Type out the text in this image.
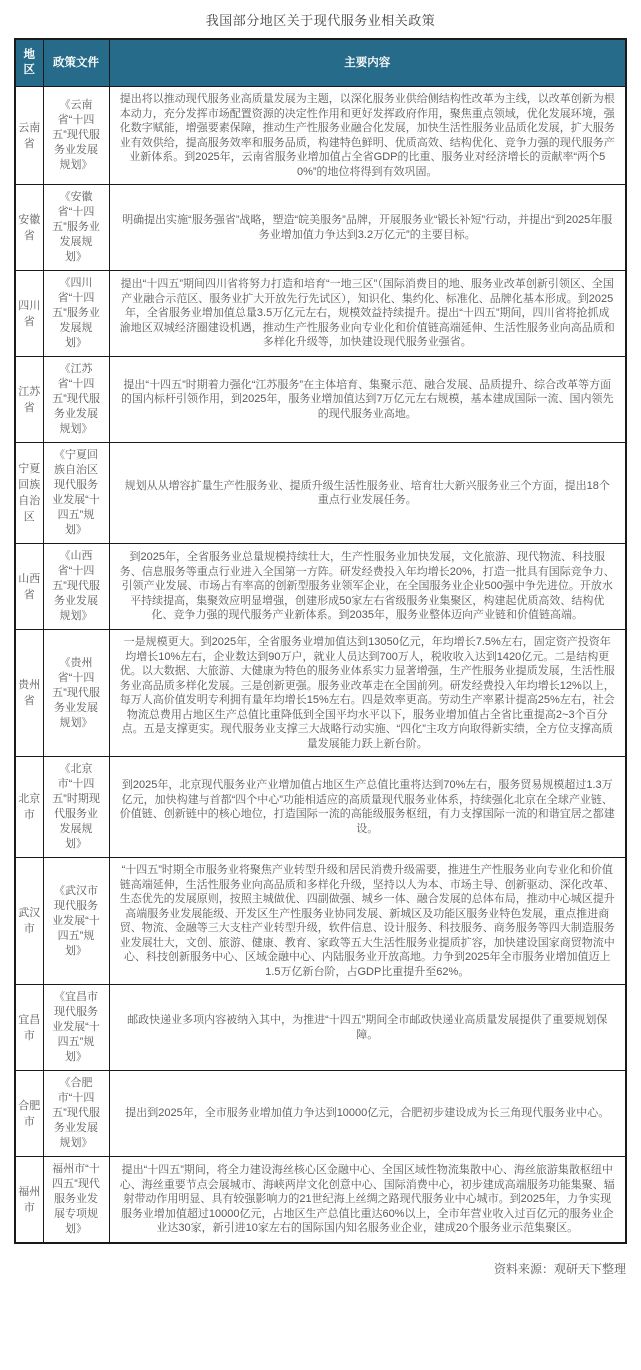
我国部分地区关于现代服务业相关政策
地区	政策文件	主要内容
云南省	《云南省“十四五”现代服务业发展规划》	提出将以推动现代服务业高质量发展为主题，以深化服务业供给侧结构性改革为主线，以改革创新为根本动力，充分发挥市场配置资源的决定性作用和更好发挥政府作用，聚焦重点领域，优化发展环境，强化数字赋能，增强要素保障，推动生产性服务业融合化发展，加快生活性服务业品质化发展，扩大服务业有效供给，提高服务效率和服务品质，构建特色鲜明、优质高效、结构优化、竞争力强的现代服务产业新体系。到2025年，云南省服务业增加值占全省GDP的比重、服务业对经济增长的贡献率“两个50%”的地位将得到有效巩固。
安徽省	《安徽省“十四五”服务业发展规划》	明确提出实施“服务强省”战略，塑造“皖美服务”品牌，开展服务业“锻长补短”行动，并提出“到2025年服务业增加值力争达到3.2万亿元”的主要目标。
四川省	《四川省“十四五”服务业发展规划》	提出“十四五”期间四川省将努力打造和培育“一地三区”（国际消费目的地、服务业改革创新引领区、全国产业融合示范区、服务业扩大开放先行先试区），知识化、集约化、标准化、品牌化基本形成。到2025年，全省服务业增加值总量3.5万亿元左右，规模效益持续提升。提出“十四五”期间，四川省将抢抓成渝地区双城经济圈建设机遇，推动生产性服务业向专业化和价值链高端延伸、生活性服务业向高品质和多样化升级等，加快建设现代服务业强省。
江苏省	《江苏省“十四五”现代服务业发展规划》	提出“十四五”时期着力强化“江苏服务”在主体培育、集聚示范、融合发展、品质提升、综合改革等方面的国内标杆引领作用，到2025年，服务业增加值达到7万亿元左右规模，基本建成国际一流、国内领先的现代服务业高地。
宁夏回族自治区	《宁夏回族自治区现代服务业发展“十四五”规划》	规划从从增容扩量生产性服务业、提质升级生活性服务业、培育壮大新兴服务业三个方面，提出18个重点行业发展任务。
山西省	《山西省“十四五”现代服务业发展规划》	到2025年，全省服务业总量规模持续壮大，生产性服务业加快发展，文化旅游、现代物流、科技服务、信息服务等重点行业进入全国第一方阵。研发经费投入年均增长20%，打造一批具有国际竞争力、引领产业发展、市场占有率高的创新型服务业领军企业，在全国服务业企业500强中争先进位。开放水平持续提高，集聚效应明显增强，创建形成50家左右省级服务业集聚区，构建起优质高效、结构优化、竞争力强的现代服务产业新体系。到2035年，服务业整体迈向产业链和价值链高端。
贵州省	《贵州省“十四五”现代服务业发展规划》	一是规模更大。到2025年，全省服务业增加值达到13050亿元，年均增长7.5%左右，固定资产投资年均增长10%左右，企业数达到90万户，就业人员达到700万人，税收收入达到1420亿元。二是结构更优。以大数据、大旅游、大健康为特色的服务业体系实力显著增强，生产性服务业提质发展，生活性服务业高品质多样化发展。三是创新更强。服务业改革走在全国前列。研发经费投入年均增长12%以上，每万人高价值发明专利拥有量年均增长15%左右。四是效率更高。劳动生产率累计提高25%左右，社会物流总费用占地区生产总值比重降低到全国平均水平以下，服务业增加值占全省比重提高2~3个百分点。五是支撑更实。现代服务业支撑三大战略行动实施、“四化”主攻方向取得新实绩，全方位支撑高质量发展能力跃上新台阶。
北京市	《北京市“十四五”时期现代服务业发展规划》	到2025年，北京现代服务业产业增加值占地区生产总值比重将达到70%左右，服务贸易规模超过1.3万亿元，加快构建与首都“四个中心”功能相适应的高质量现代服务业体系，持续强化北京在全球产业链、价值链、创新链中的核心地位，打造国际一流的高能级服务枢纽，有力支撑国际一流的和谐宜居之都建设。
武汉市	《武汉市现代服务业发展“十四五”规划》	“十四五”时期全市服务业将聚焦产业转型升级和居民消费升级需要，推进生产性服务业向专业化和价值链高端延伸，生活性服务业向高品质和多样化升级，坚持以人为本、市场主导、创新驱动、深化改革、生态优先的发展原则，按照主城做优、四副做强、城乡一体、融合发展的总体布局，推动中心城区提升高端服务业发展能级、开发区生产性服务业协同发展、新城区及功能区服务业特色发展，重点推进商贸、物流、金融等三大支柱产业转型升级，软件信息、设计服务、科技服务、商务服务等四大制造服务业发展壮大，文创、旅游、健康、教育、家政等五大生活性服务业提质扩容，加快建设国家商贸物流中心、科技创新服务中心、区域金融中心、内陆服务业开放高地。力争到2025年全市服务业增加值迈上1.5万亿新台阶，占GDP比重提升至62%。
宜昌市	《宜昌市现代服务业发展“十四五”规划》	邮政快递业多项内容被纳入其中，为推进“十四五”期间全市邮政快递业高质量发展提供了重要规划保障。
合肥市	《合肥市“十四五”现代服务业发展规划》	提出到2025年，全市服务业增加值力争达到10000亿元，合肥初步建设成为长三角现代服务业中心。
福州市	福州市“十四五”现代服务业发展专项规划》	提出“十四五”期间，将全力建设海丝核心区金融中心、全国区域性物流集散中心、海丝旅游集散枢纽中心、海丝重要节点会展城市、海峡两岸文化创意中心、国际消费中心，初步建成高端服务功能集聚、辐射带动作用明显、具有较强影响力的21世纪海上丝绸之路现代服务业中心城市。到2025年，力争实现服务业增加值超过10000亿元，占地区生产总值比重达60%以上，全市年营业收入过百亿元的服务业企业达30家，新引进10家左右的国际国内知名服务业企业，建成20个服务业示范集聚区。
资料来源：观研天下整理
